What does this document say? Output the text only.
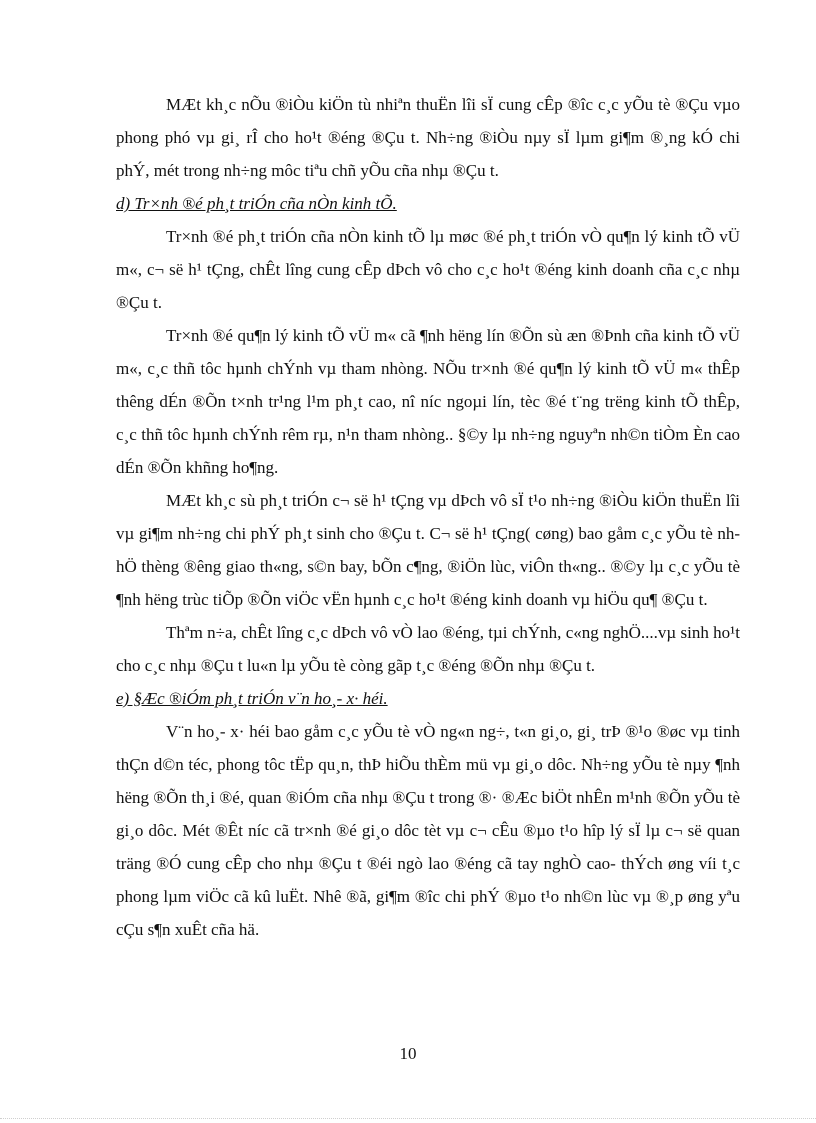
MÆt kh¸c nÕu ®iÒu kiÖn tù nhiªn thuËn lîi sÏ cung cÊp ®îc c¸c yÕu tè ®Çu vµo phong phó vµ gi¸ rÎ cho ho¹t ®éng ®Çu t. Nh÷ng ®iÒu nµy sÏ lµm gi¶m ®¸ng kÓ chi phÝ, mét trong nh÷ng môc tiªu chñ yÕu cña nhµ ®Çu t.

d) Tr×nh ®é ph¸t triÓn cña nÒn kinh tÕ.

Tr×nh ®é ph¸t triÓn cña nÒn kinh tÕ lµ møc ®é ph¸t triÓn vÒ qu¶n lý kinh tÕ vÜ m«, c¬ së h¹ tÇng, chÊt lîng cung cÊp dÞch vô cho c¸c ho¹t ®éng kinh doanh cña c¸c nhµ ®Çu t.

Tr×nh ®é qu¶n lý kinh tÕ vÜ m« cã ¶nh hëng lín ®Õn sù æn ®Þnh cña kinh tÕ vÜ m«, c¸c thñ tôc hµnh chÝnh vµ tham nhòng. NÕu tr×nh ®é qu¶n lý kinh tÕ vÜ m« thÊp thêng dÉn ®Õn t×nh tr¹ng l¹m ph¸t cao, nî níc ngoµi lín, tèc ®é t¨ng trëng kinh tÕ thÊp, c¸c thñ tôc hµnh chÝnh rêm rµ, n¹n tham nhòng.. §©y lµ nh÷ng nguyªn nh©n tiÒm Èn cao dÉn ®Õn khñng ho¶ng.

MÆt kh¸c sù ph¸t triÓn c¬ së h¹ tÇng vµ dÞch vô sÏ t¹o nh÷ng ®iÒu kiÖn thuËn lîi vµ gi¶m nh÷ng chi phÝ ph¸t sinh cho ®Çu t. C¬ së h¹ tÇng( cøng) bao gåm c¸c yÕu tè nh hÖ thèng ®êng giao th«ng, s©n bay, bÕn c¶ng, ®iÖn lùc, viÔn th«ng.. ®©y lµ c¸c yÕu tè ¶nh hëng trùc tiÕp ®Õn viÖc vËn hµnh c¸c ho¹t ®éng kinh doanh vµ hiÖu qu¶ ®Çu t.

Thªm n÷a, chÊt lîng c¸c dÞch vô vÒ lao ®éng, tµi chÝnh, c«ng nghÖ....vµ sinh ho¹t cho c¸c nhµ ®Çu t lu«n lµ yÕu tè còng gãp t¸c ®éng ®Õn nhµ ®Çu t.

e) §Æc ®iÓm ph¸t triÓn v¨n ho¸- x· héi.

V¨n ho¸- x· héi bao gåm c¸c yÕu tè vÒ ng«n ng÷, t«n gi¸o, gi¸ trÞ ®¹o ®øc vµ tinh thÇn d©n téc, phong tôc tËp qu¸n, thÞ hiÕu thÈm mü vµ gi¸o dôc. Nh÷ng yÕu tè nµy ¶nh hëng ®Õn th¸i ®é, quan ®iÓm cña nhµ ®Çu t trong ®· ®Æc biÖt nhÊn m¹nh ®Õn yÕu tè gi¸o dôc. Mét ®Êt níc cã tr×nh ®é gi¸o dôc tèt vµ c¬ cÊu ®µo t¹o hîp lý sÏ lµ c¬ së quan träng ®Ó cung cÊp cho nhµ ®Çu t ®éi ngò lao ®éng cã tay nghÒ cao- thÝch øng víi t¸c phong lµm viÖc cã kû luËt. Nhê ®ã, gi¶m ®îc chi phÝ ®µo t¹o nh©n lùc vµ ®¸p øng yªu cÇu s¶n xuÊt cña hä.

10
